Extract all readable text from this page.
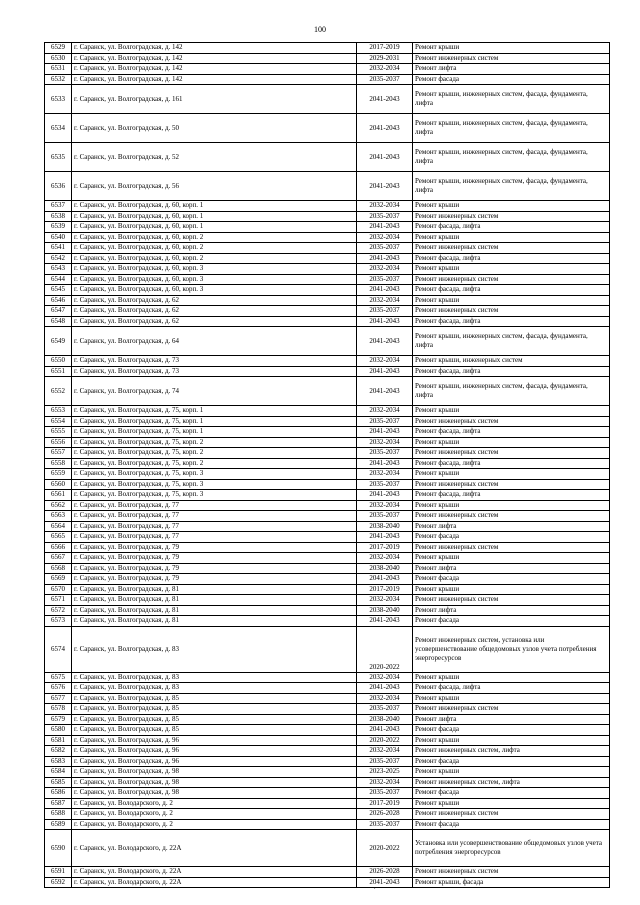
100
6529	г. Саранск, ул. Волгоградская, д. 142	2017-2019	Ремонт крыши
6530	г. Саранск, ул. Волгоградская, д. 142	2029-2031	Ремонт инженерных систем
6531	г. Саранск, ул. Волгоградская, д. 142	2032-2034	Ремонт лифта
6532	г. Саранск, ул. Волгоградская, д. 142	2035-2037	Ремонт фасада
6533	г. Саранск, ул. Волгоградская, д. 161	2041-2043	Ремонт крыши, инженерных систем, фасада, фундамента, лифта
6534	г. Саранск, ул. Волгоградская, д. 50	2041-2043	Ремонт крыши, инженерных систем, фасада, фундамента, лифта
6535	г. Саранск, ул. Волгоградская, д. 52	2041-2043	Ремонт крыши, инженерных систем, фасада, фундамента, лифта
6536	г. Саранск, ул. Волгоградская, д. 56	2041-2043	Ремонт крыши, инженерных систем, фасада, фундамента, лифта
6537	г. Саранск, ул. Волгоградская, д. 60, корп. 1	2032-2034	Ремонт крыши
6538	г. Саранск, ул. Волгоградская, д. 60, корп. 1	2035-2037	Ремонт инженерных систем
6539	г. Саранск, ул. Волгоградская, д. 60, корп. 1	2041-2043	Ремонт фасада, лифта
6540	г. Саранск, ул. Волгоградская, д. 60, корп. 2	2032-2034	Ремонт крыши
6541	г. Саранск, ул. Волгоградская, д. 60, корп. 2	2035-2037	Ремонт инженерных систем
6542	г. Саранск, ул. Волгоградская, д. 60, корп. 2	2041-2043	Ремонт фасада, лифта
6543	г. Саранск, ул. Волгоградская, д. 60, корп. 3	2032-2034	Ремонт крыши
6544	г. Саранск, ул. Волгоградская, д. 60, корп. 3	2035-2037	Ремонт инженерных систем
6545	г. Саранск, ул. Волгоградская, д. 60, корп. 3	2041-2043	Ремонт фасада, лифта
6546	г. Саранск, ул. Волгоградская, д. 62	2032-2034	Ремонт крыши
6547	г. Саранск, ул. Волгоградская, д. 62	2035-2037	Ремонт инженерных систем
6548	г. Саранск, ул. Волгоградская, д. 62	2041-2043	Ремонт фасада, лифта
6549	г. Саранск, ул. Волгоградская, д. 64	2041-2043	Ремонт крыши, инженерных систем, фасада, фундамента, лифта
6550	г. Саранск, ул. Волгоградская, д. 73	2032-2034	Ремонт крыши, инженерных систем
6551	г. Саранск, ул. Волгоградская, д. 73	2041-2043	Ремонт фасада, лифта
6552	г. Саранск, ул. Волгоградская, д. 74	2041-2043	Ремонт крыши, инженерных систем, фасада, фундамента, лифта
6553	г. Саранск, ул. Волгоградская, д. 75, корп. 1	2032-2034	Ремонт крыши
6554	г. Саранск, ул. Волгоградская, д. 75, корп. 1	2035-2037	Ремонт инженерных систем
6555	г. Саранск, ул. Волгоградская, д. 75, корп. 1	2041-2043	Ремонт фасада, лифта
6556	г. Саранск, ул. Волгоградская, д. 75, корп. 2	2032-2034	Ремонт крыши
6557	г. Саранск, ул. Волгоградская, д. 75, корп. 2	2035-2037	Ремонт инженерных систем
6558	г. Саранск, ул. Волгоградская, д. 75, корп. 2	2041-2043	Ремонт фасада, лифта
6559	г. Саранск, ул. Волгоградская, д. 75, корп. 3	2032-2034	Ремонт крыши
6560	г. Саранск, ул. Волгоградская, д. 75, корп. 3	2035-2037	Ремонт инженерных систем
6561	г. Саранск, ул. Волгоградская, д. 75, корп. 3	2041-2043	Ремонт фасада, лифта
6562	г. Саранск, ул. Волгоградская, д. 77	2032-2034	Ремонт крыши
6563	г. Саранск, ул. Волгоградская, д. 77	2035-2037	Ремонт инженерных систем
6564	г. Саранск, ул. Волгоградская, д. 77	2038-2040	Ремонт лифта
6565	г. Саранск, ул. Волгоградская, д. 77	2041-2043	Ремонт фасада
6566	г. Саранск, ул. Волгоградская, д. 79	2017-2019	Ремонт инженерных систем
6567	г. Саранск, ул. Волгоградская, д. 79	2032-2034	Ремонт крыши
6568	г. Саранск, ул. Волгоградская, д. 79	2038-2040	Ремонт лифта
6569	г. Саранск, ул. Волгоградская, д. 79	2041-2043	Ремонт фасада
6570	г. Саранск, ул. Волгоградская, д. 81	2017-2019	Ремонт крыши
6571	г. Саранск, ул. Волгоградская, д. 81	2032-2034	Ремонт инженерных систем
6572	г. Саранск, ул. Волгоградская, д. 81	2038-2040	Ремонт лифта
6573	г. Саранск, ул. Волгоградская, д. 81	2041-2043	Ремонт фасада
6574	г. Саранск, ул. Волгоградская, д. 83	2020-2022	Ремонт инженерных систем, установка или усовершенствование общедомовых узлов учета потребления энергоресурсов
6575	г. Саранск, ул. Волгоградская, д. 83	2032-2034	Ремонт крыши
6576	г. Саранск, ул. Волгоградская, д. 83	2041-2043	Ремонт фасада, лифта
6577	г. Саранск, ул. Волгоградская, д. 85	2032-2034	Ремонт крыши
6578	г. Саранск, ул. Волгоградская, д. 85	2035-2037	Ремонт инженерных систем
6579	г. Саранск, ул. Волгоградская, д. 85	2038-2040	Ремонт лифта
6580	г. Саранск, ул. Волгоградская, д. 85	2041-2043	Ремонт фасада
6581	г. Саранск, ул. Волгоградская, д. 96	2020-2022	Ремонт крыши
6582	г. Саранск, ул. Волгоградская, д. 96	2032-2034	Ремонт инженерных систем, лифта
6583	г. Саранск, ул. Волгоградская, д. 96	2035-2037	Ремонт фасада
6584	г. Саранск, ул. Волгоградская, д. 98	2023-2025	Ремонт крыши
6585	г. Саранск, ул. Волгоградская, д. 98	2032-2034	Ремонт инженерных систем, лифта
6586	г. Саранск, ул. Волгоградская, д. 98	2035-2037	Ремонт фасада
6587	г. Саранск, ул. Володарского, д. 2	2017-2019	Ремонт крыши
6588	г. Саранск, ул. Володарского, д. 2	2026-2028	Ремонт инженерных систем
6589	г. Саранск, ул. Володарского, д. 2	2035-2037	Ремонт фасада
6590	г. Саранск, ул. Володарского, д. 22А	2020-2022	Установка или усовершенствование общедомовых узлов учета потребления энергоресурсов
6591	г. Саранск, ул. Володарского, д. 22А	2026-2028	Ремонт инженерных систем
6592	г. Саранск, ул. Володарского, д. 22А	2041-2043	Ремонт крыши, фасада
.
